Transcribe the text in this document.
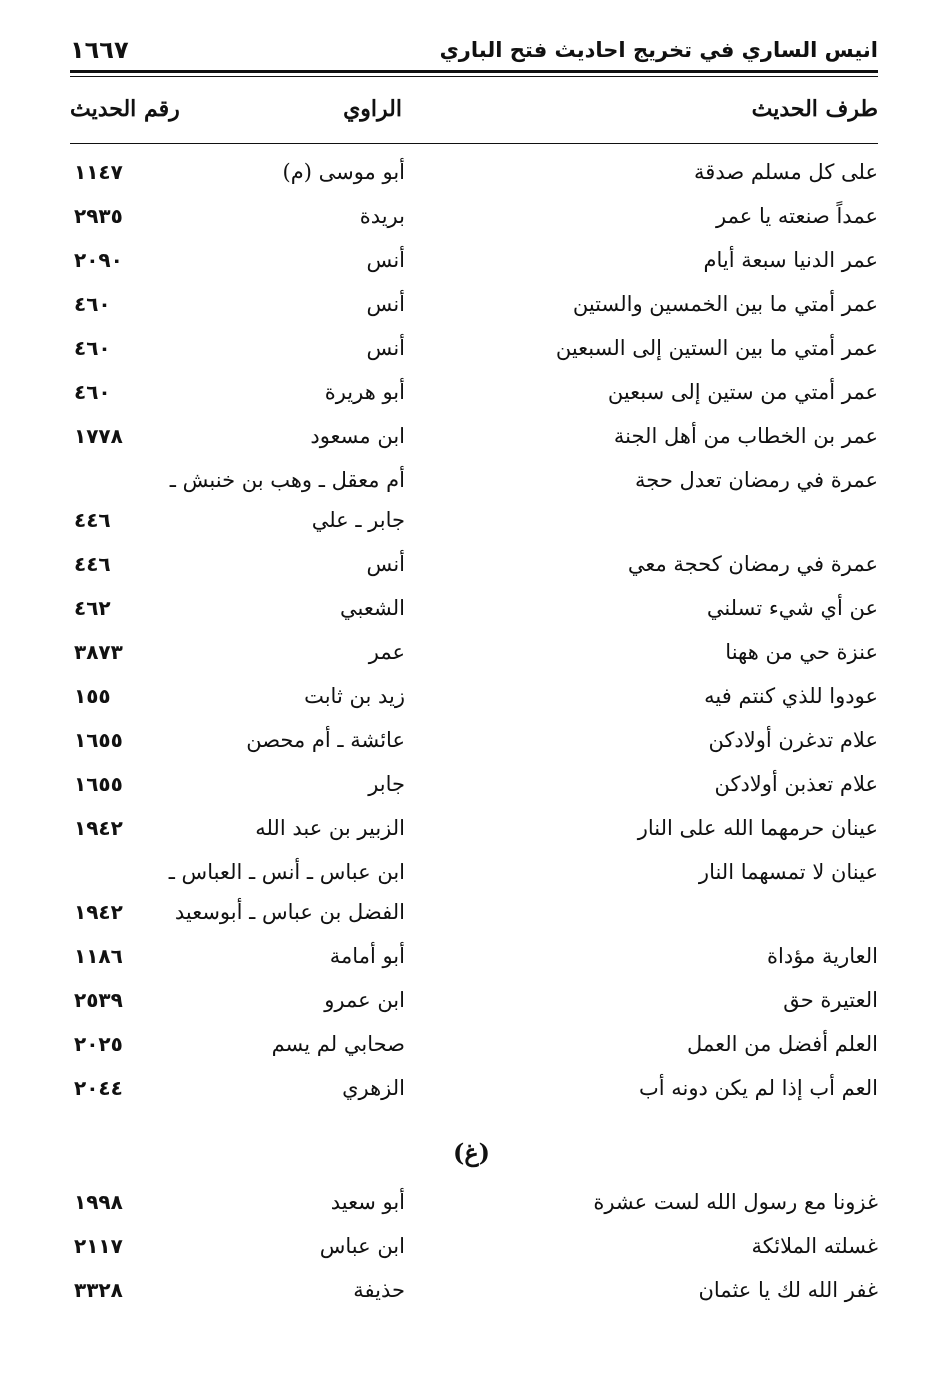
انيس الساري في تخريج احاديث فتح الباري
١٦٦٧
طرف الحديث
الراوي
رقم الحديث
على كل مسلم صدقة
أبو موسى (م)
١١٤٧
عمداً صنعته يا عمر
بريدة
٢٩٣٥
عمر الدنيا سبعة أيام
أنس
٢٠٩٠
عمر أمتي ما بين الخمسين والستين
أنس
٤٦٠
عمر أمتي ما بين الستين إلى السبعين
أنس
٤٦٠
عمر أمتي من ستين إلى سبعين
أبو هريرة
٤٦٠
عمر بن الخطاب من أهل الجنة
ابن مسعود
١٧٧٨
عمرة في رمضان تعدل حجة
أم معقل ـ وهب بن خنبش ـ
جابر ـ علي
٤٤٦
عمرة في رمضان كحجة معي
أنس
٤٤٦
عن أي شيء تسلني
الشعبي
٤٦٢
عنزة حي من ههنا
عمر
٣٨٧٣
عودوا للذي كنتم فيه
زيد بن ثابت
١٥٥
علام تدغرن أولادكن
عائشة ـ أم محصن
١٦٥٥
علام تعذبن أولادكن
جابر
١٦٥٥
عينان حرمهما الله على النار
الزبير بن عبد الله
١٩٤٢
عينان لا تمسهما النار
ابن عباس ـ أنس ـ العباس ـ
الفضل بن عباس ـ أبوسعيد
١٩٤٢
العارية مؤداة
أبو أمامة
١١٨٦
العتيرة حق
ابن عمرو
٢٥٣٩
العلم أفضل من العمل
صحابي لم يسم
٢٠٢٥
العم أب إذا لم يكن دونه أب
الزهري
٢٠٤٤
(غ)
غزونا مع رسول الله لست عشرة
أبو سعيد
١٩٩٨
غسلته الملائكة
ابن عباس
٢١١٧
غفر الله لك يا عثمان
حذيفة
٣٣٢٨
